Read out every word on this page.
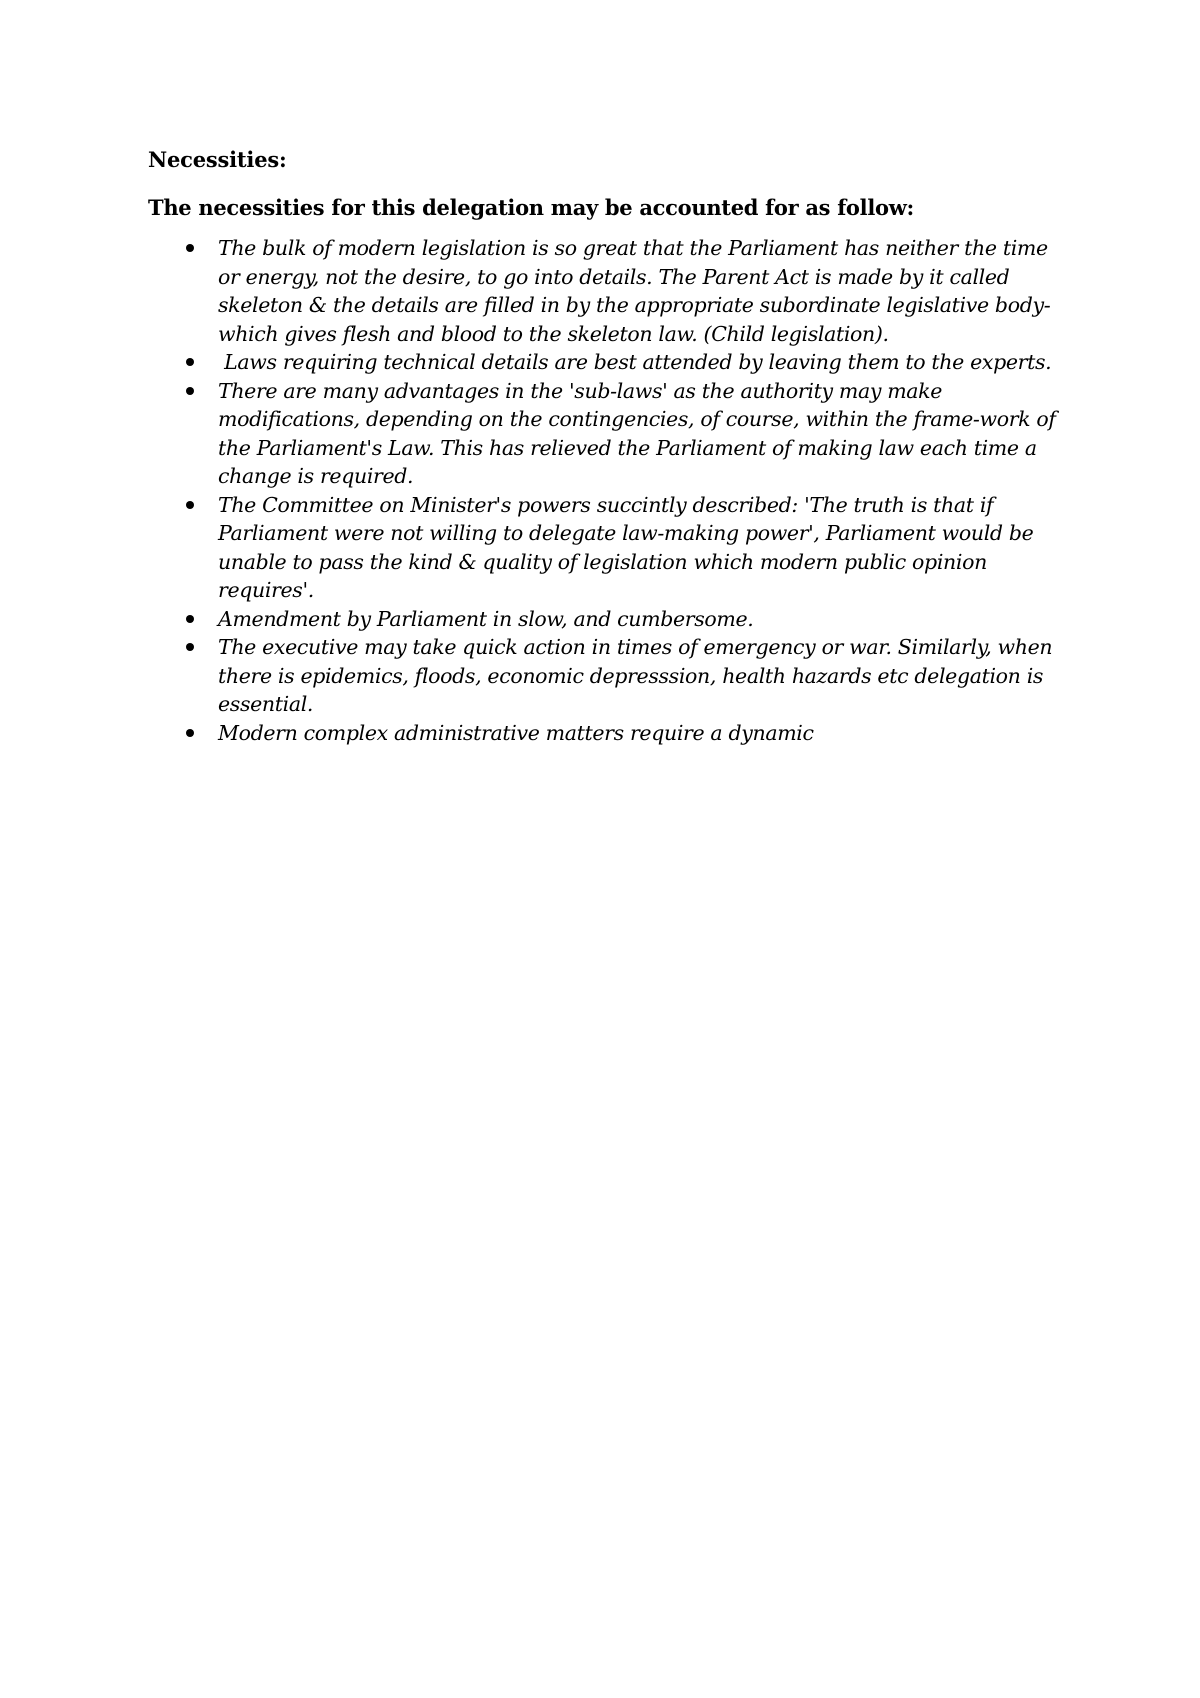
Necessities:

The necessities for this delegation may be accounted for as follow:

The bulk of modern legislation is so great that the Parliament has neither the time or energy, not the desire, to go into details. The Parent Act is made by it called skeleton & the details are filled in by the appropriate subordinate legislative body- which gives flesh and blood to the skeleton law. (Child legislation).
Laws requiring technical details are best attended by leaving them to the experts.
There are many advantages in the 'sub-laws' as the authority may make modifications, depending on the contingencies, of course, within the frame-work of the Parliament's Law. This has relieved the Parliament of making law each time a change is required.
The Committee on Minister's powers succintly described: 'The truth is that if Parliament were not willing to delegate law-making power', Parliament would be unable to pass the kind & quality of legislation which modern public opinion requires'.
Amendment by Parliament in slow, and cumbersome.
The executive may take quick action in times of emergency or war. Similarly, when there is epidemics, floods, economic depresssion, health hazards etc delegation is essential.
Modern complex administrative matters require a dynamic
